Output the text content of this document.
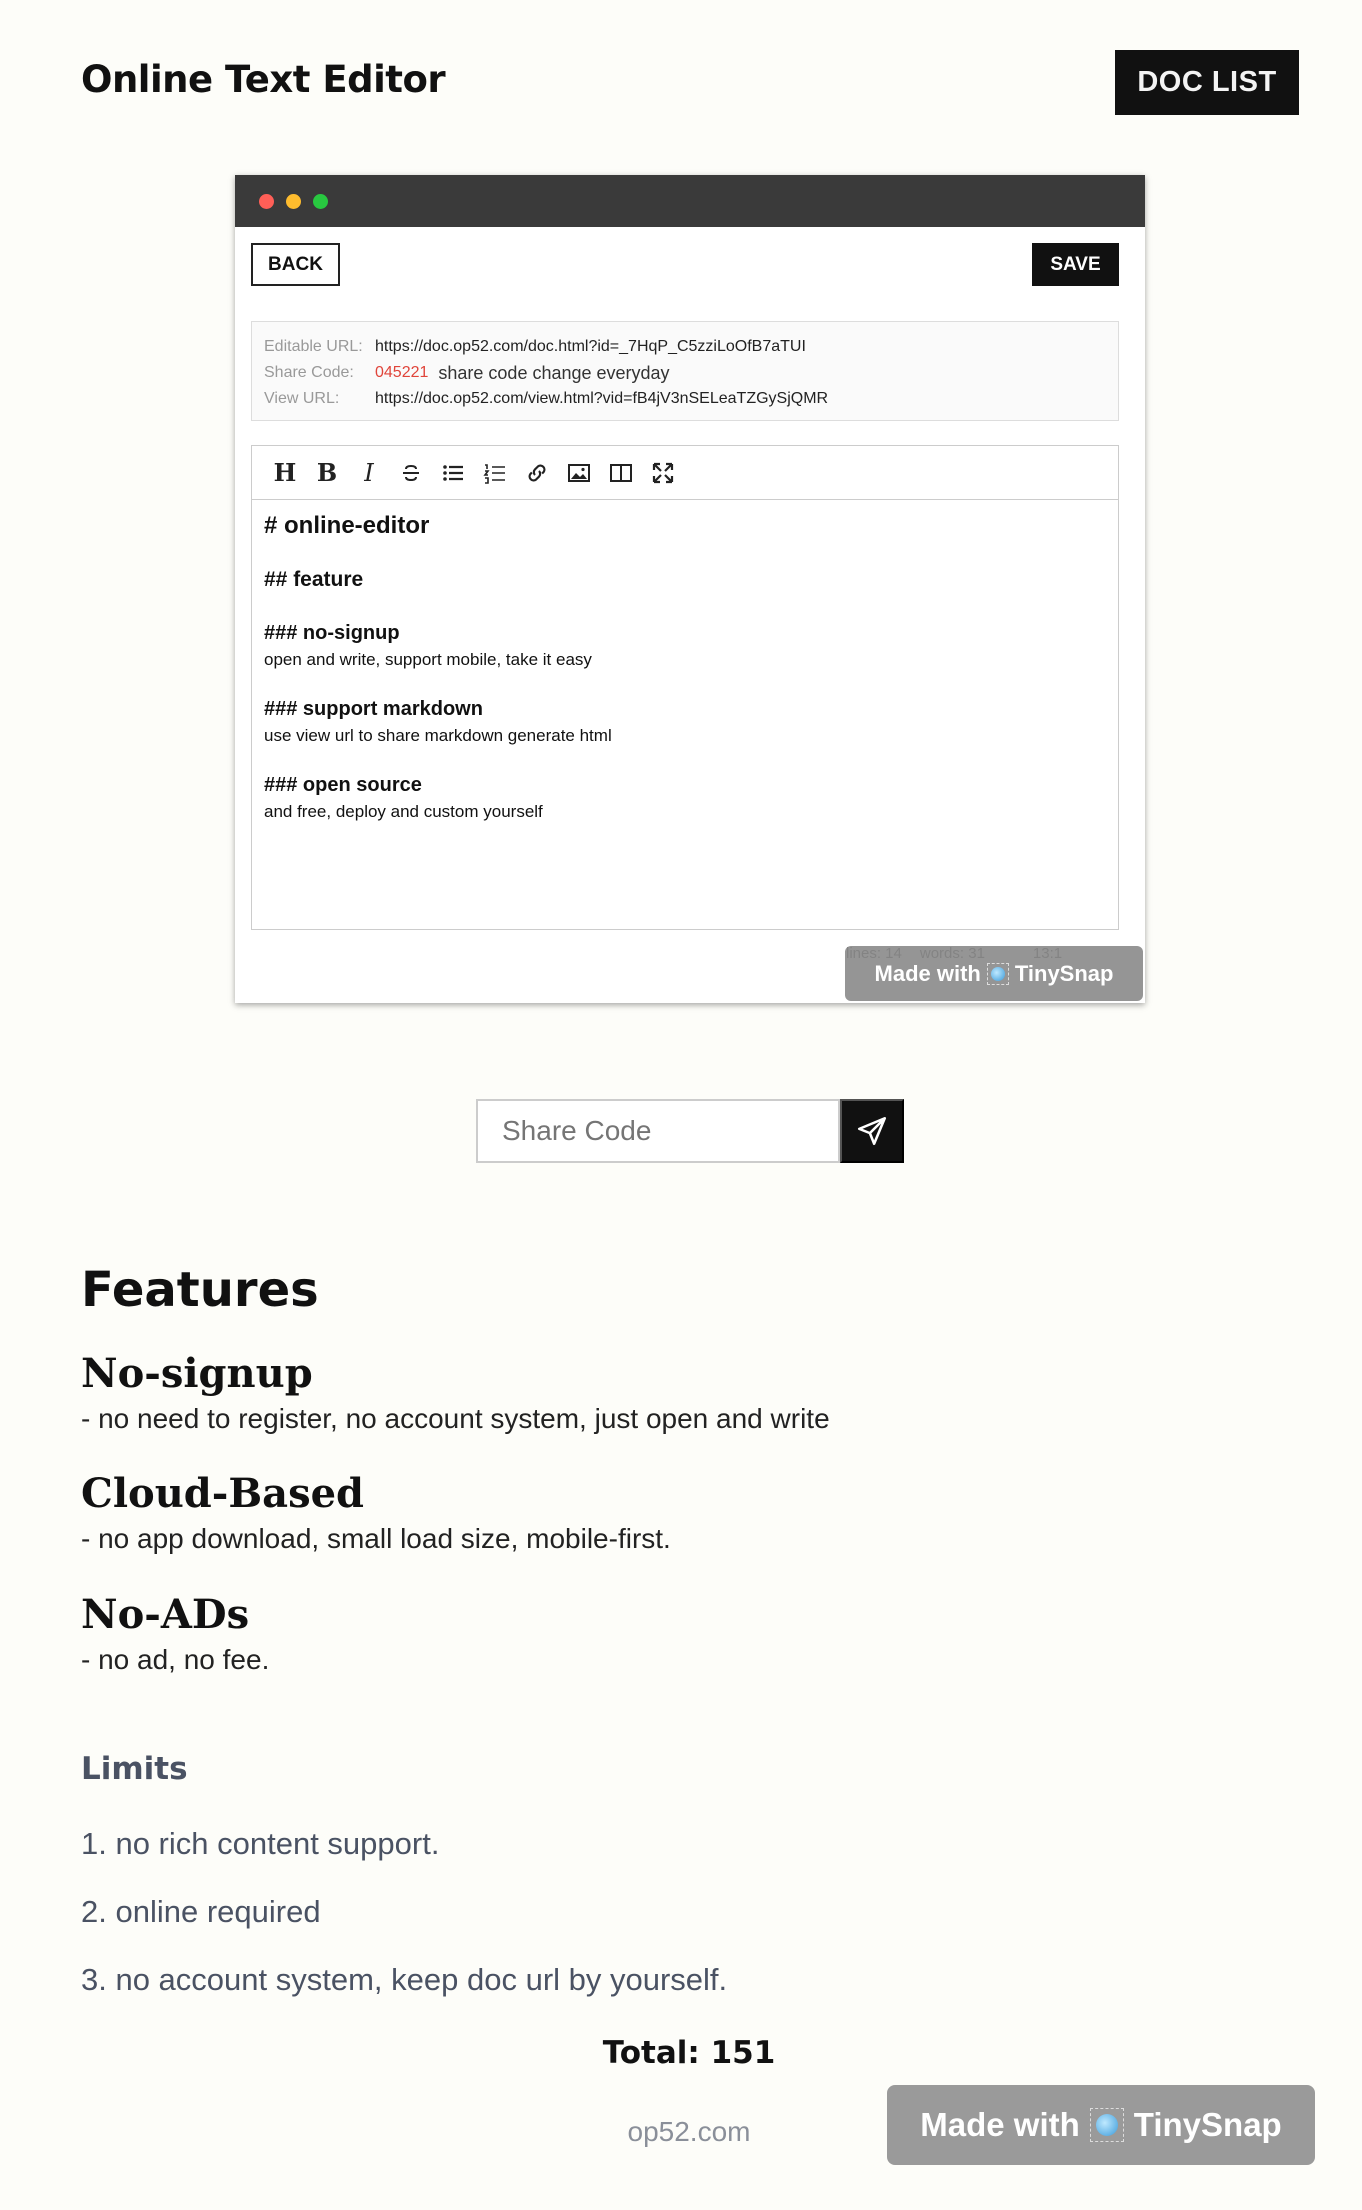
Online Text Editor	DOC LIST
BACK	SAVE
Editable URL: https://doc.op52.com/doc.html?id=_7HqP_C5zziLoOfB7aTUI
Share Code:	045221 share code change everyday
View URL:	https://doc.op52.com/view.html?vid=fB4jV3nSELeaTZGySjQMR
H B I
# online-editor
## feature
### no-signup
open and write, support mobile, take it easy
### support markdown
use view url to share markdown generate html
### open source
and free, deploy and custom yourself
Made with TinySnap
Share Code
Features
No-signup
- no need to register, no account system, just open and write
Cloud-Based
- no app download, small load size, mobile-first.
No-ADs
- no ad, no fee.
Limits
1. no rich content support.
2. online required
3. no account system, keep doc url by yourself.
Total: 151
op52.com	Made with TinySnap
